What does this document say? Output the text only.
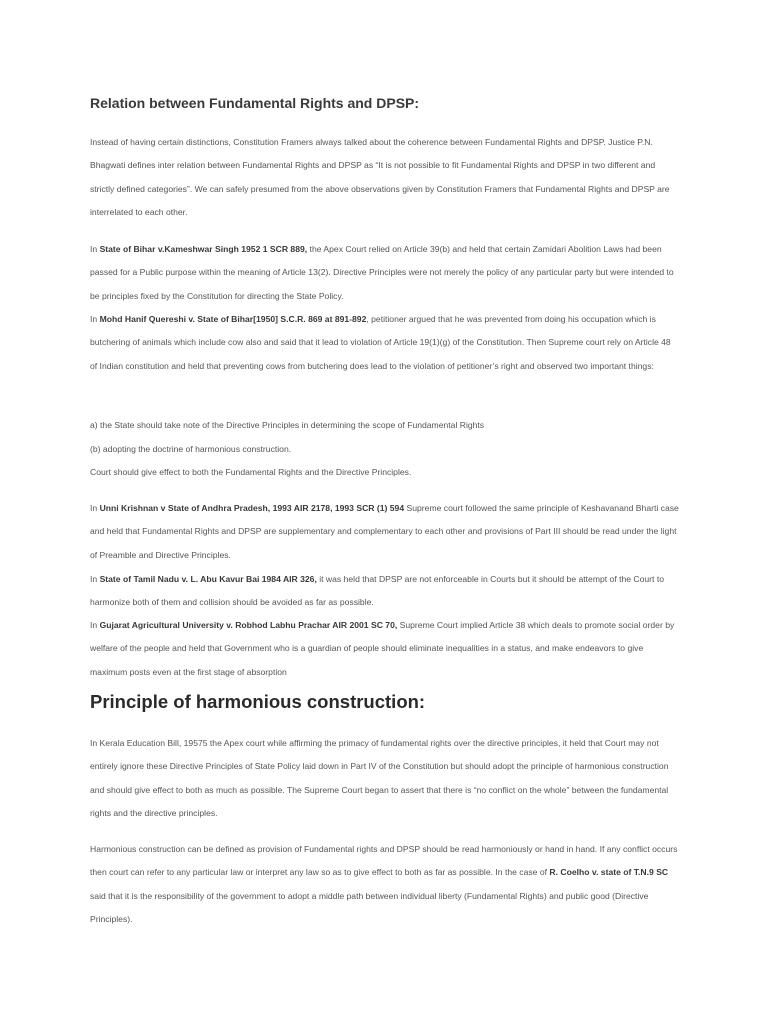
Relation between Fundamental Rights and DPSP:

Instead of having certain distinctions, Constitution Framers always talked about the coherence between Fundamental Rights and DPSP. Justice P.N. Bhagwati defines inter relation between Fundamental Rights and DPSP as “It is not possible to fit Fundamental Rights and DPSP in two different and strictly defined categories”. We can safely presumed from the above observations given by Constitution Framers that Fundamental Rights and DPSP are interrelated to each other.

In State of Bihar v.Kameshwar Singh 1952 1 SCR 889, the Apex Court relied on Article 39(b) and held that certain Zamidari Abolition Laws had been passed for a Public purpose within the meaning of Article 13(2). Directive Principles were not merely the policy of any particular party but were intended to be principles fixed by the Constitution for directing the State Policy.

In Mohd Hanif Quereshi v. State of Bihar[1950] S.C.R. 869 at 891-892, petitioner argued that he was prevented from doing his occupation which is butchering of animals which include cow also and said that it lead to violation of Article 19(1)(g) of the Constitution. Then Supreme court rely on Article 48 of Indian constitution and held that preventing cows from butchering does lead to the violation of petitioner’s right and observed two important things:

a) the State should take note of the Directive Principles in determining the scope of Fundamental Rights

(b) adopting the doctrine of harmonious construction.

Court should give effect to both the Fundamental Rights and the Directive Principles.

In Unni Krishnan v State of Andhra Pradesh, 1993 AIR 2178, 1993 SCR (1) 594 Supreme court followed the same principle of Keshavanand Bharti case and held that Fundamental Rights and DPSP are supplementary and complementary to each other and provisions of Part III should be read under the light of Preamble and Directive Principles.

In State of Tamil Nadu v. L. Abu Kavur Bai 1984 AIR 326, it was held that DPSP are not enforceable in Courts but it should be attempt of the Court to harmonize both of them and collision should be avoided as far as possible.

In Gujarat Agricultural University v. Robhod Labhu Prachar AIR 2001 SC 70, Supreme Court implied Article 38 which deals to promote social order by welfare of the people and held that Government who is a guardian of people should eliminate inequalities in a status, and make endeavors to give maximum posts even at the first stage of absorption

Principle of harmonious construction:

In Kerala Education Bill, 19575 the Apex court while affirming the primacy of fundamental rights over the directive principles, it held that Court may not entirely ignore these Directive Principles of State Policy laid down in Part IV of the Constitution but should adopt the principle of harmonious construction and should give effect to both as much as possible. The Supreme Court began to assert that there is “no conflict on the whole” between the fundamental rights and the directive principles.

Harmonious construction can be defined as provision of Fundamental rights and DPSP should be read harmoniously or hand in hand. If any conflict occurs then court can refer to any particular law or interpret any law so as to give effect to both as far as possible. In the case of R. Coelho v. state of T.N.9 SC said that it is the responsibility of the government to adopt a middle path between individual liberty (Fundamental Rights) and public good (Directive Principles).
